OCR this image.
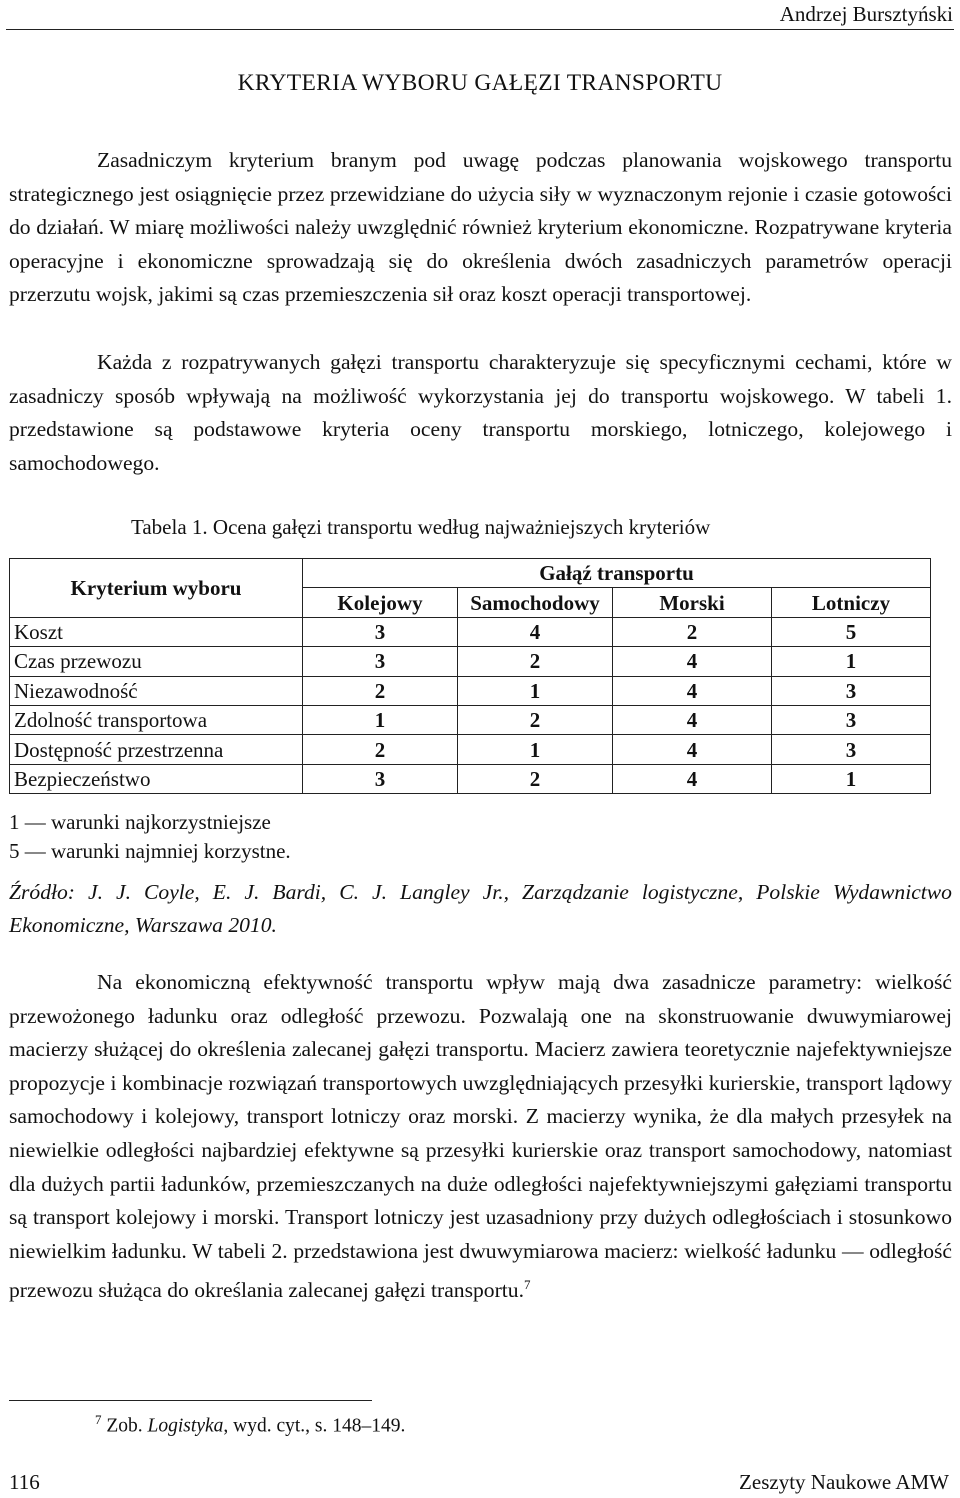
Andrzej Bursztyński
KRYTERIA WYBORU GAŁĘZI TRANSPORTU

Zasadniczym kryterium branym pod uwagę podczas planowania wojskowego transportu strategicznego jest osiągnięcie przez przewidziane do użycia siły w wyznaczonym rejonie i czasie gotowości do działań. W miarę możliwości należy uwzględnić również kryterium ekonomiczne. Rozpatrywane kryteria operacyjne i ekonomiczne sprowadzają się do określenia dwóch zasadniczych parametrów operacji przerzutu wojsk, jakimi są czas przemieszczenia sił oraz koszt operacji transportowej.

Każda z rozpatrywanych gałęzi transportu charakteryzuje się specyficznymi cechami, które w zasadniczy sposób wpływają na możliwość wykorzystania jej do transportu wojskowego. W tabeli 1. przedstawione są podstawowe kryteria oceny transportu morskiego, lotniczego, kolejowego i samochodowego.

Tabela 1. Ocena gałęzi transportu według najważniejszych kryteriów
Kryterium wyboru	Gałąź transportu			
	Kolejowy	Samochodowy	Morski	Lotniczy
Koszt	3	4	2	5
Czas przewozu	3	2	4	1
Niezawodność	2	1	4	3
Zdolność transportowa	1	2	4	3
Dostępność przestrzenna	2	1	4	3
Bezpieczeństwo	3	2	4	1
1 — warunki najkorzystniejsze
5 — warunki najmniej korzystne.
Źródło: J. J. Coyle, E. J. Bardi, C. J. Langley Jr., Zarządzanie logistyczne, Polskie Wydawnictwo Ekonomiczne, Warszawa 2010.

Na ekonomiczną efektywność transportu wpływ mają dwa zasadnicze parametry: wielkość przewożonego ładunku oraz odległość przewozu. Pozwalają one na skonstruowanie dwuwymiarowej macierzy służącej do określenia zalecanej gałęzi transportu. Macierz zawiera teoretycznie najefektywniejsze propozycje i kombinacje rozwiązań transportowych uwzględniających przesyłki kurierskie, transport lądowy samochodowy i kolejowy, transport lotniczy oraz morski. Z macierzy wynika, że dla małych przesyłek na niewielkie odległości najbardziej efektywne są przesyłki kurierskie oraz transport samochodowy, natomiast dla dużych partii ładunków, przemieszczanych na duże odległości najefektywniejszymi gałęziami transportu są transport kolejowy i morski. Transport lotniczy jest uzasadniony przy dużych odległościach i stosunkowo niewielkim ładunku. W tabeli 2. przedstawiona jest dwuwymiarowa macierz: wielkość ładunku — odległość przewozu służąca do określania zalecanej gałęzi transportu.$^7$

$^7$ Zob. Logistyka, wyd. cyt., s. 148–149.
116	Zeszyty Naukowe AMW
